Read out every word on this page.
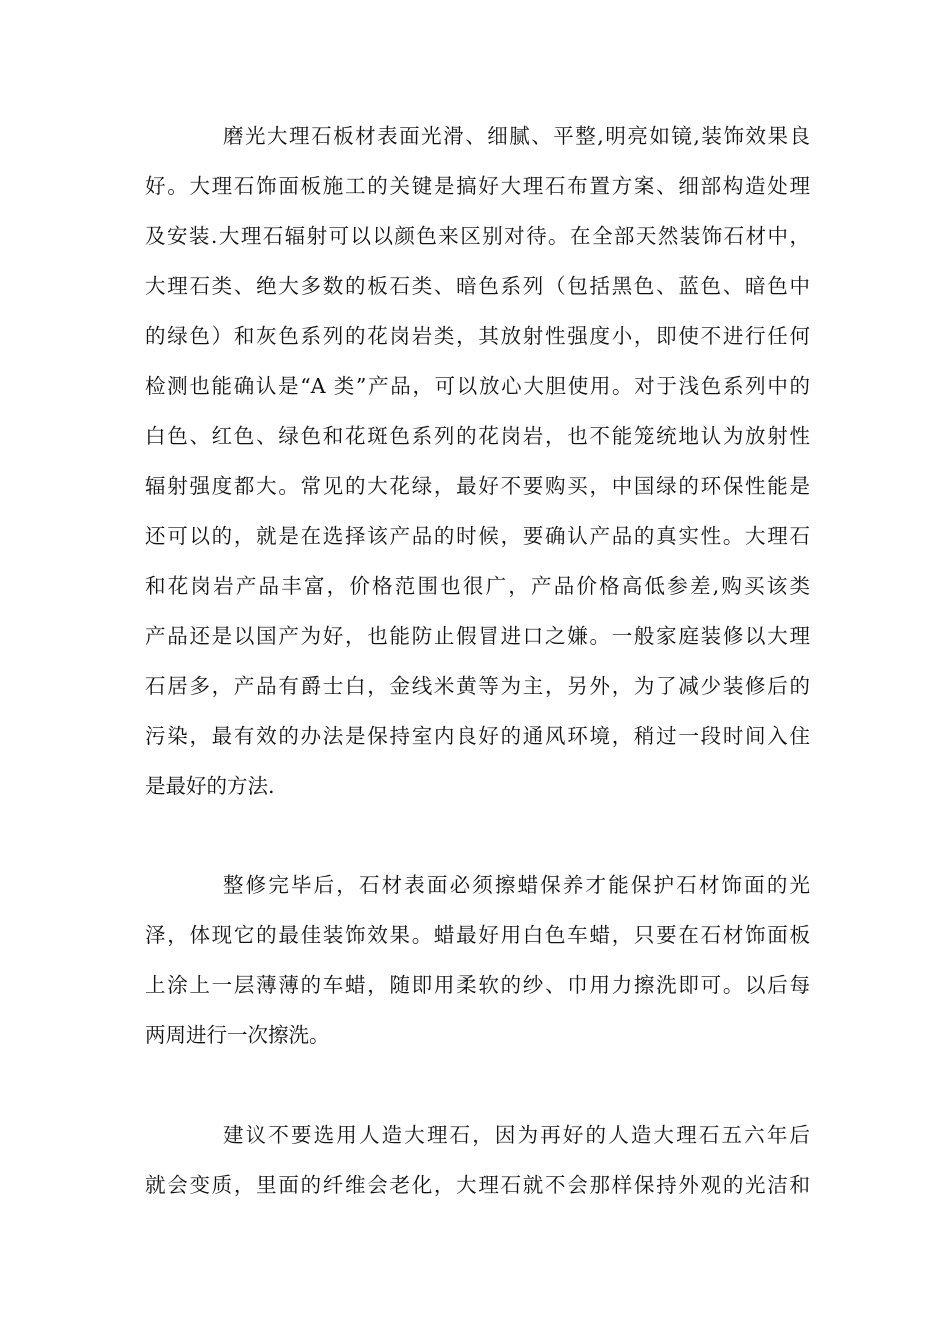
磨光大理石板材表面光滑、细腻、平整,明亮如镜,装饰效果良
好。大理石饰面板施工的关键是搞好大理石布置方案、细部构造处理
及安装.大理石辐射可以以颜色来区别对待。在全部天然装饰石材中，
大理石类、绝大多数的板石类、暗色系列（包括黑色、蓝色、暗色中
的绿色）和灰色系列的花岗岩类，其放射性强度小，即使不进行任何
检测也能确认是“A 类”产品，可以放心大胆使用。对于浅色系列中的
白色、红色、绿色和花斑色系列的花岗岩，也不能笼统地认为放射性
辐射强度都大。常见的大花绿，最好不要购买，中国绿的环保性能是
还可以的，就是在选择该产品的时候，要确认产品的真实性。大理石
和花岗岩产品丰富，价格范围也很广，产品价格高低参差,购买该类
产品还是以国产为好，也能防止假冒进口之嫌。一般家庭装修以大理
石居多，产品有爵士白，金线米黄等为主，另外，为了减少装修后的
污染，最有效的办法是保持室内良好的通风环境，稍过一段时间入住
是最好的方法.
整修完毕后，石材表面必须擦蜡保养才能保护石材饰面的光
泽，体现它的最佳装饰效果。蜡最好用白色车蜡，只要在石材饰面板
上涂上一层薄薄的车蜡，随即用柔软的纱、巾用力擦洗即可。以后每
两周进行一次擦洗。
建议不要选用人造大理石，因为再好的人造大理石五六年后
就会变质，里面的纤维会老化，大理石就不会那样保持外观的光洁和
